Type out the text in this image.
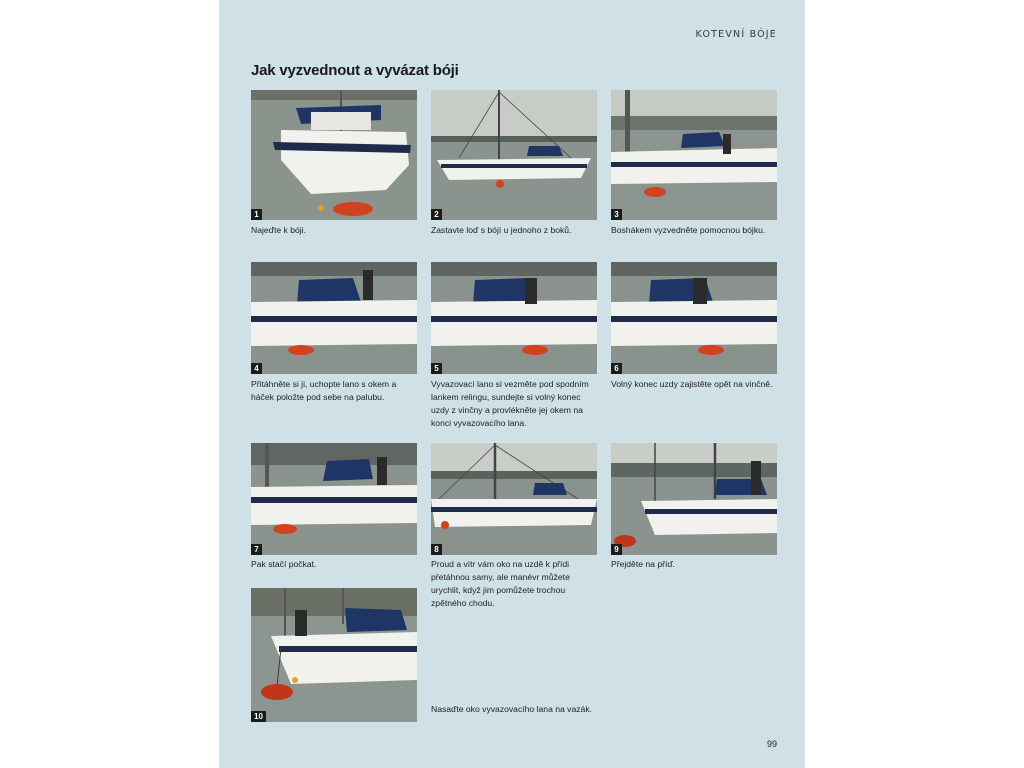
KOTEVNÍ BÓJE
Jak vyzvednout a vyvázat bóji
1	2	3
Najeďte k bóji.	Zastavte loď s bójí u jednoho z boků.	Boshákem vyzvedněte pomocnou bójku.
4	5	6
Přitáhněte si ji, uchopte lano s okem a háček položte pod sebe na palubu.
Vyvazovací lano si vezměte pod spodním lankem relingu, sundejte si volný konec uzdy z vinčny a provlékněte jej okem na konci vyvazovacího lana.
Volný konec uzdy zajistěte opět na vinčně.
7	8	9
Pak stačí počkat.	Proud a vítr vám oko na uzdě k přídi přetáhnou samy, ale manévr můžete urychlit, když jim pomůžete trochou zpětného chodu.
Přejděte na příď.
10
Nasaďte oko vyvazovacího lana na vazák.
99
